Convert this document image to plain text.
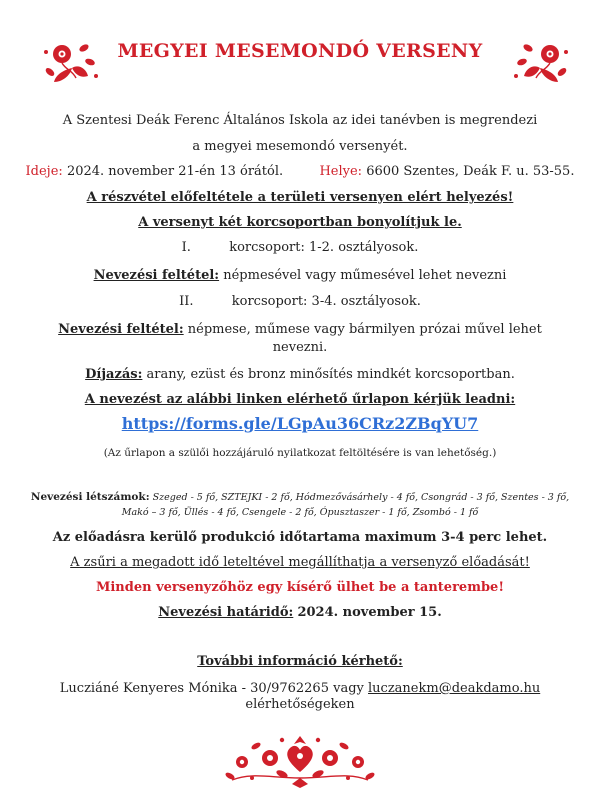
MEGYEI MESEMONDÓ VERSENY
A Szentesi Deák Ferenc Általános Iskola az idei tanévben is megrendezi
a megyei mesemondó versenyét.
Ideje: 2024. november 21-én 13 órától.	Helye: 6600 Szentes, Deák F. u. 53-55.
A részvétel előfeltétele a területi versenyen elért helyezés!
A versenyt két korcsoportban bonyolítjuk le.
I.	korcsoport: 1-2. osztályosok.
Nevezési feltétel: népmesével vagy műmesével lehet nevezni
II.	korcsoport: 3-4. osztályosok.
Nevezési feltétel: népmese, műmese vagy bármilyen prózai művel lehet
nevezni.
Díjazás: arany, ezüst és bronz minősítés mindkét korcsoportban.
A nevezést az alábbi linken elérhető űrlapon kérjük leadni:
https://forms.gle/LGpAu36CRz2ZBqYU7
(Az űrlapon a szülői hozzájáruló nyilatkozat feltöltésére is van lehetőség.)
Nevezési létszámok: Szeged - 5 fő, SZTEJKI - 2 fő, Hódmezővásárhely - 4 fő, Csongrád - 3 fő, Szentes - 3 fő,
Makó – 3 fő, Üllés - 4 fő, Csengele - 2 fő, Ópusztaszer - 1 fő, Zsombó - 1 fő
Az előadásra kerülő produkció időtartama maximum 3-4 perc lehet.
A zsűri a megadott idő leteltével megállíthatja a versenyző előadását!
Minden versenyzőhöz egy kísérő ülhet be a tanterembe!
Nevezési határidő: 2024. november 15.
További információ kérhető:
Lucziáné Kenyeres Mónika - 30/9762265 vagy luczanekm@deakdamo.hu
elérhetőségeken
